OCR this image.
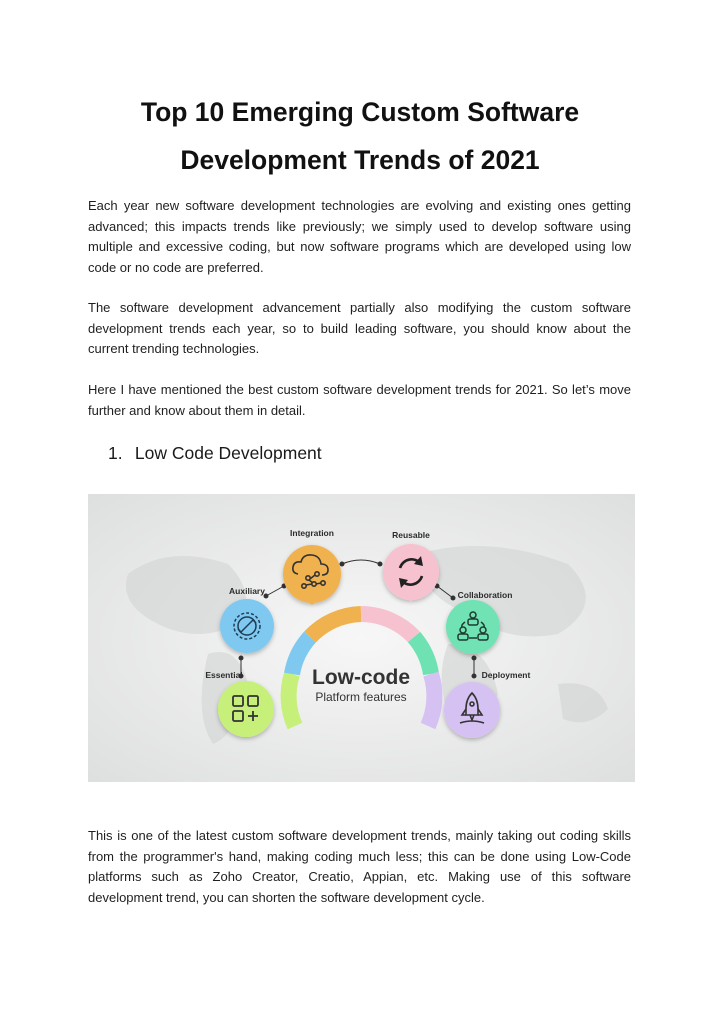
Top 10 Emerging Custom Software
Development Trends of 2021

Each year new software development technologies are evolving and existing ones getting advanced; this impacts trends like previously; we simply used to develop software using multiple and excessive coding, but now software programs which are developed using low code or no code are preferred.

The software development advancement partially also modifying the custom software development trends each year, so to build leading software, you should know about the current trending technologies.

Here I have mentioned the best custom software development trends for 2021. So let’s move further and know about them in detail.

1. Low Code Development
Low-code
Platform features
Integration	Reusable
Auxiliary	Collaboration
Essential	Deployment

This is one of the latest custom software development trends, mainly taking out coding skills from the programmer's hand, making coding much less; this can be done using Low-Code platforms such as Zoho Creator, Creatio, Appian, etc. Making use of this software development trend, you can shorten the software development cycle.
